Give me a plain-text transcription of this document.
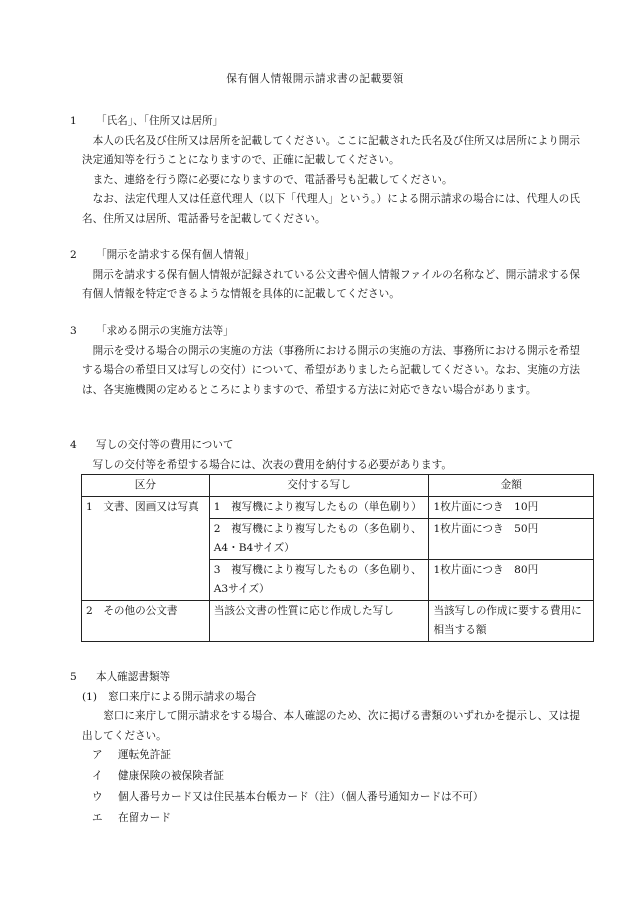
保有個人情報開示請求書の記載要領
1 「氏名」、「住所又は居所」

本人の氏名及び住所又は居所を記載してください。ここに記載された氏名及び住所又は居所により開示決定通知等を行うことになりますので、正確に記載してください。

また、連絡を行う際に必要になりますので、電話番号も記載してください。

なお、法定代理人又は任意代理人（以下「代理人」という。）による開示請求の場合には、代理人の氏名、住所又は居所、電話番号を記載してください。

2 「開示を請求する保有個人情報」

開示を請求する保有個人情報が記録されている公文書や個人情報ファイルの名称など、開示請求する保有個人情報を特定できるような情報を具体的に記載してください。

3 「求める開示の実施方法等」

開示を受ける場合の開示の実施の方法（事務所における開示の実施の方法、事務所における開示を希望する場合の希望日又は写しの交付）について、希望がありましたら記載してください。なお、実施の方法は、各実施機関の定めるところによりますので、希望する方法に対応できない場合があります。

4 写しの交付等の費用について

写しの交付等を希望する場合には、次表の費用を納付する必要があります。

区分	交付する写し	金額
1　文書、図画又は写真	1　複写機により複写したもの（単色刷り）	1枚片面につき　10円
	2　複写機により複写したもの（多色刷り、A4・B4サイズ）	1枚片面につき　50円
	3　複写機により複写したもの（多色刷り、A3サイズ）	1枚片面につき　80円
2　その他の公文書	当該公文書の性質に応じ作成した写し	当該写しの作成に要する費用に相当する額
5 本人確認書類等
(1) 窓口来庁による開示請求の場合

窓口に来庁して開示請求をする場合、本人確認のため、次に掲げる書類のいずれかを提示し、又は提出してください。

ア 運転免許証
イ 健康保険の被保険者証
ウ 個人番号カード又は住民基本台帳カード（注）（個人番号通知カードは不可）
エ 在留カード
